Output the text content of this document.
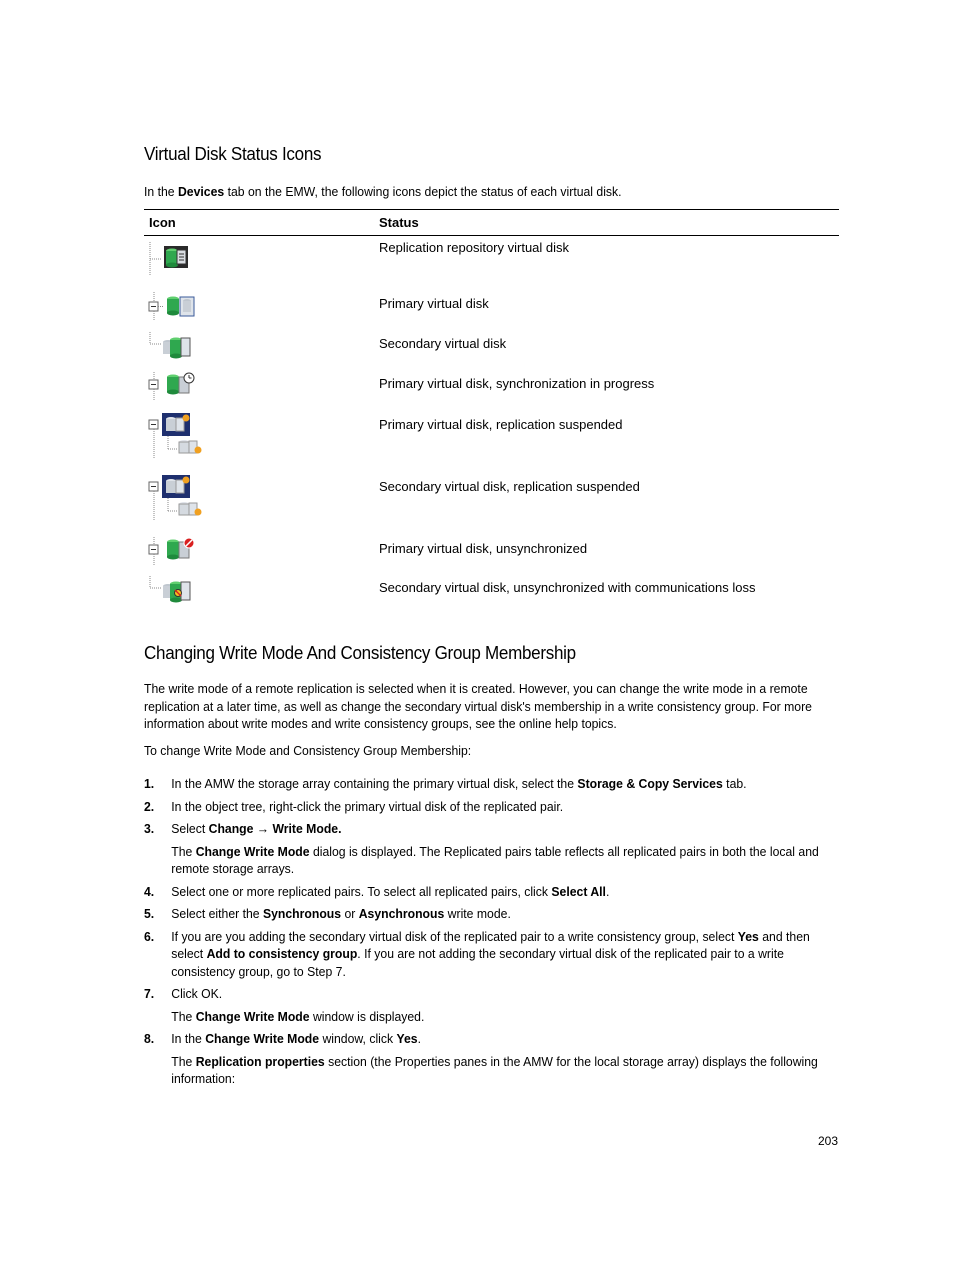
Virtual Disk Status Icons

In the Devices tab on the EMW, the following icons depict the status of each virtual disk.

Icon	Status

	Replication repository virtual disk

	Primary virtual disk

	Secondary virtual disk

	Primary virtual disk, synchronization in progress

	Primary virtual disk, replication suspended

	Secondary virtual disk, replication suspended

	Primary virtual disk, unsynchronized

	Secondary virtual disk, unsynchronized with communications loss
Changing Write Mode And Consistency Group Membership

The write mode of a remote replication is selected when it is created. However, you can change the write mode in a remote replication at a later time, as well as change the secondary virtual disk's membership in a write consistency group. For more information about write modes and write consistency groups, see the online help topics.

To change Write Mode and Consistency Group Membership:

1. In the AMW the storage array containing the primary virtual disk, select the Storage & Copy Services tab.
2. In the object tree, right-click the primary virtual disk of the replicated pair.
3. Select Change → Write Mode.
The Change Write Mode dialog is displayed. The Replicated pairs table reflects all replicated pairs in both the local and remote storage arrays.
4. Select one or more replicated pairs. To select all replicated pairs, click Select All.
5. Select either the Synchronous or Asynchronous write mode.
6. If you are you adding the secondary virtual disk of the replicated pair to a write consistency group, select Yes and then select Add to consistency group. If you are not adding the secondary virtual disk of the replicated pair to a write consistency group, go to Step 7.
7. Click OK.
The Change Write Mode window is displayed.
8. In the Change Write Mode window, click Yes.
The Replication properties section (the Properties panes in the AMW for the local storage array) displays the following information:
203
